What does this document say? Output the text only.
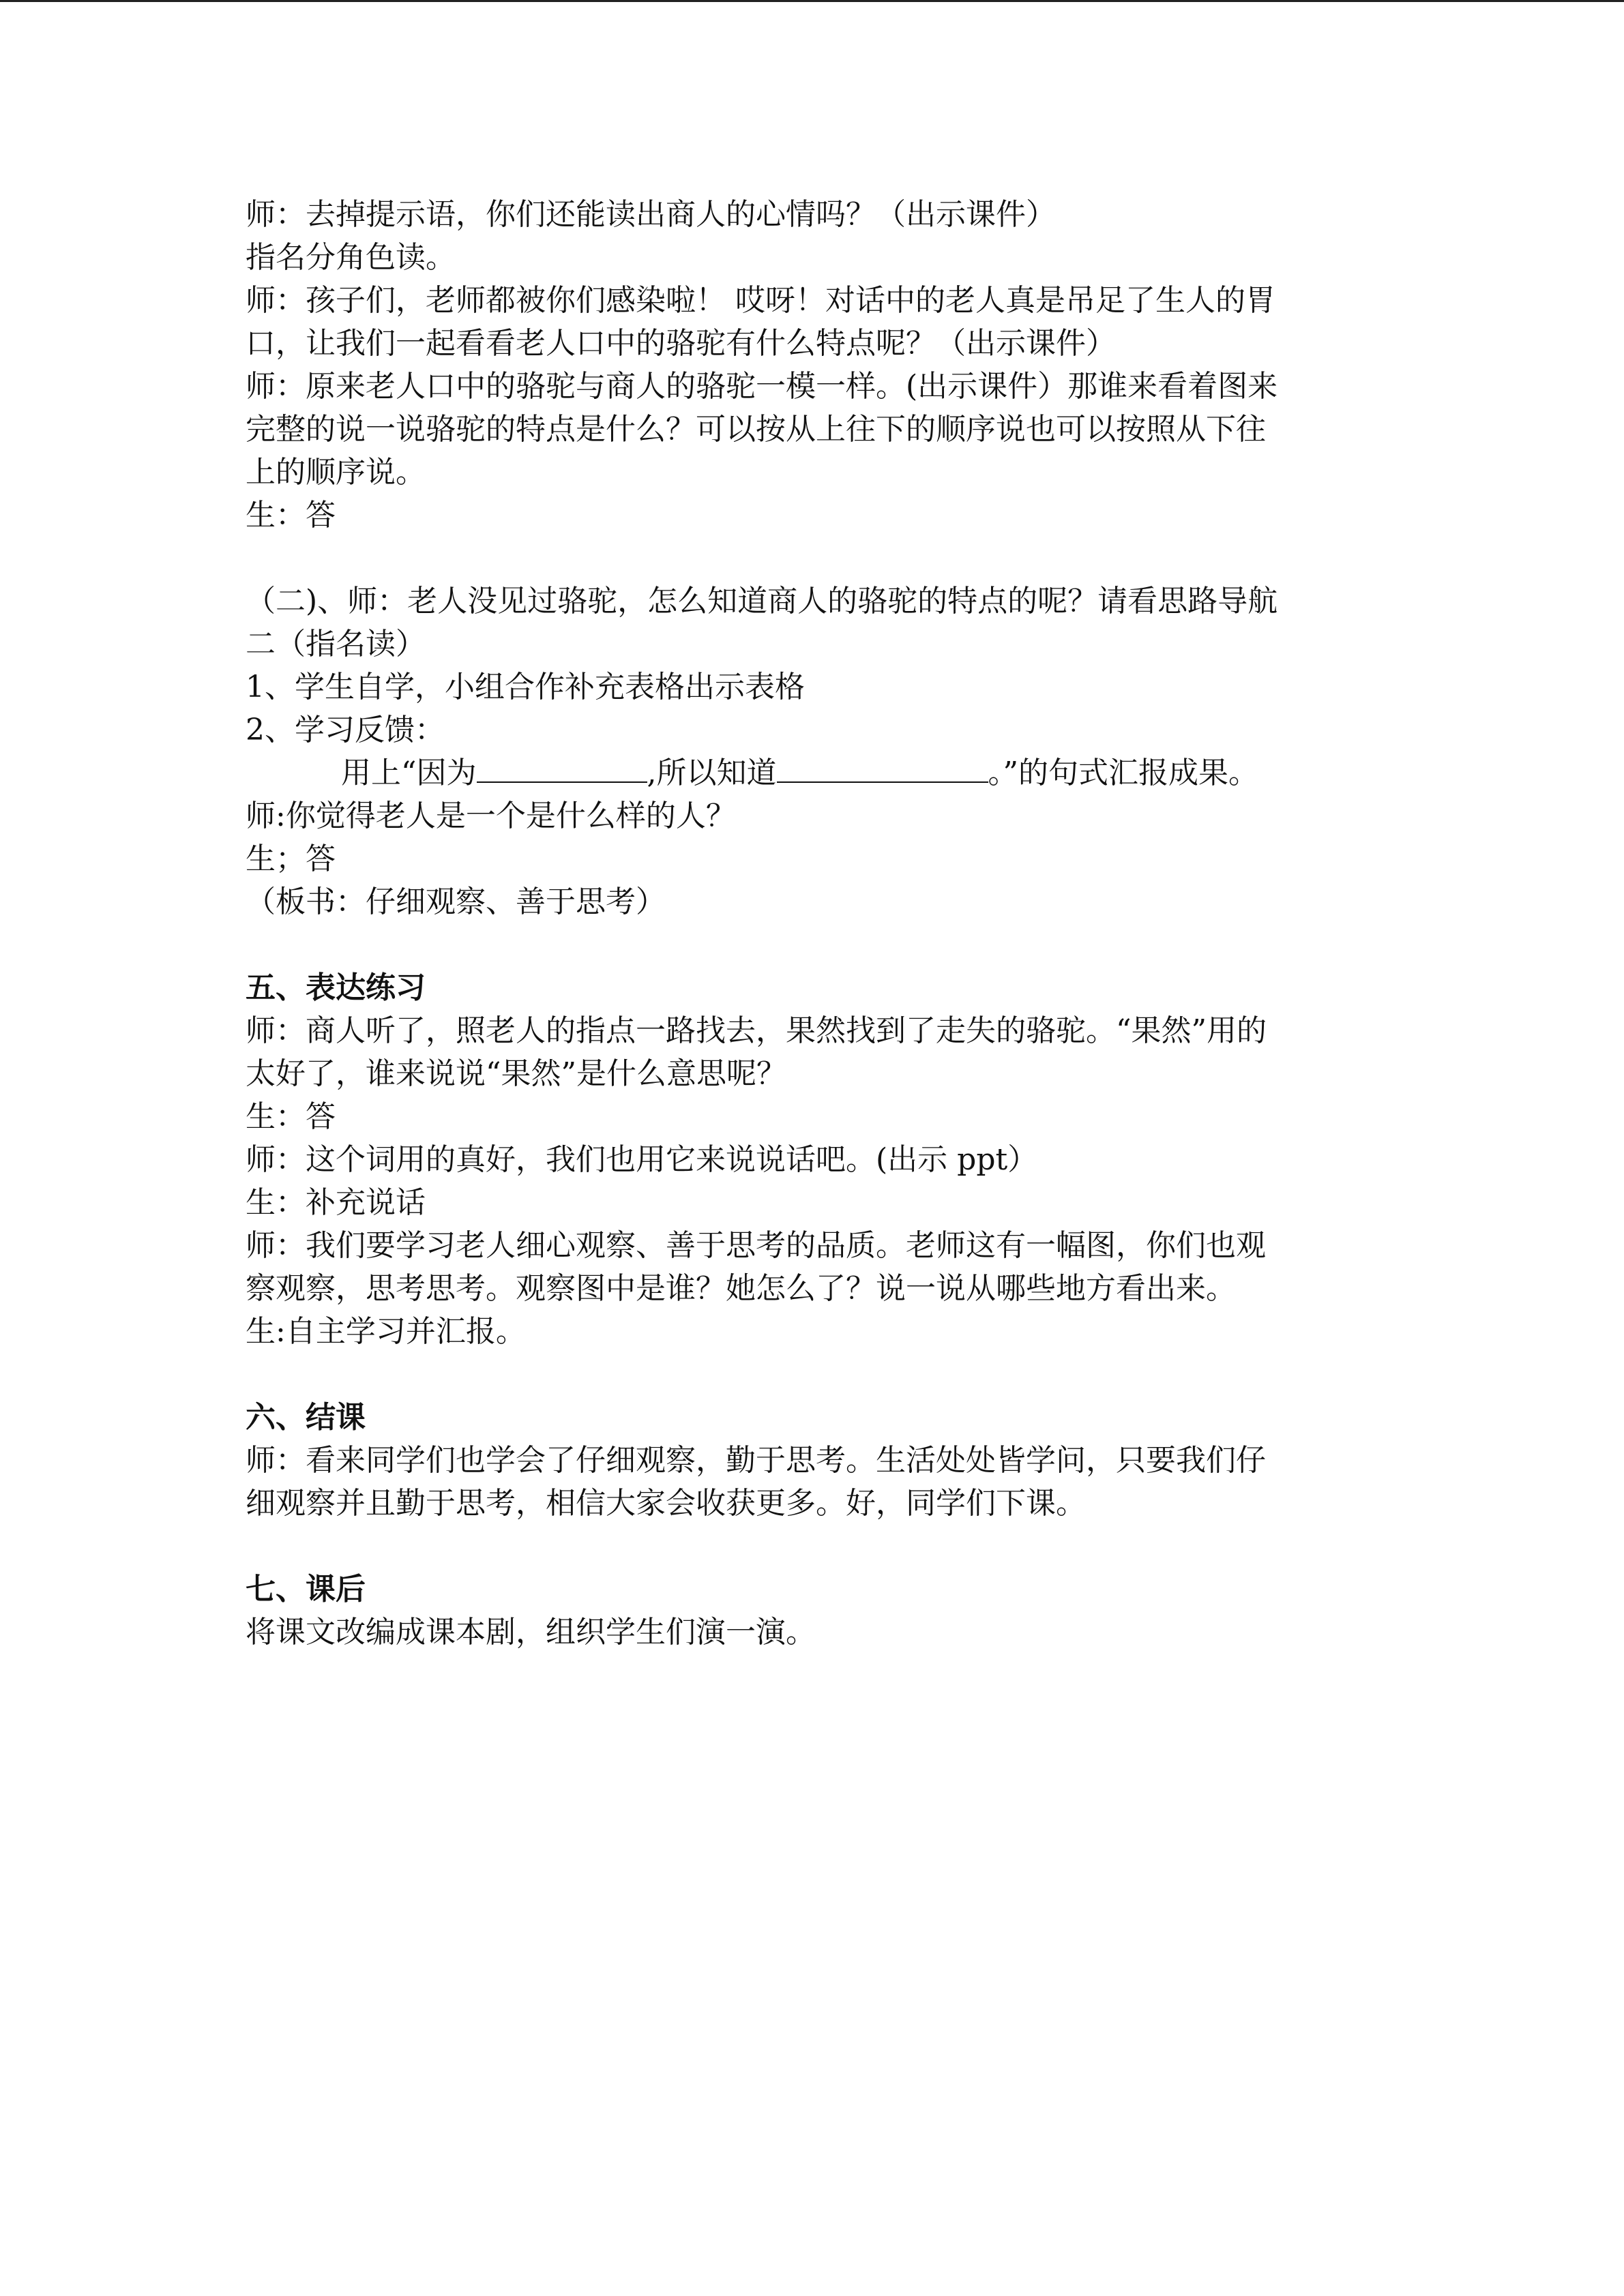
师：去掉提示语，你们还能读出商人的心情吗？（出示课件）

指名分角色读。

师：孩子们，老师都被你们感染啦！ 哎呀！对话中的老人真是吊足了生人的胃

口，让我们一起看看老人口中的骆驼有什么特点呢？（出示课件）

师：原来老人口中的骆驼与商人的骆驼一模一样。(出示课件）那谁来看着图来

完整的说一说骆驼的特点是什么？可以按从上往下的顺序说也可以按照从下往

上的顺序说。

生：答

（二)、师：老人没见过骆驼，怎么知道商人的骆驼的特点的呢？请看思路导航

二（指名读）

1、学生自学，小组合作补充表格出示表格

2、学习反馈：

用上“因为	,所以知道	。”的句式汇报成果。

师:你觉得老人是一个是什么样的人？

生；答

（板书：仔细观察、善于思考）

五、表达练习

师：商人听了，照老人的指点一路找去，果然找到了走失的骆驼。“果然”用的

太好了，谁来说说“果然”是什么意思呢？

生：答

师：这个词用的真好，我们也用它来说说话吧。(出示 ppt）

生：补充说话

师：我们要学习老人细心观察、善于思考的品质。老师这有一幅图，你们也观

察观察，思考思考。观察图中是谁？她怎么了？说一说从哪些地方看出来。

生:自主学习并汇报。

六、结课

师：看来同学们也学会了仔细观察，勤于思考。生活处处皆学问，只要我们仔

细观察并且勤于思考，相信大家会收获更多。好，同学们下课。

七、课后

将课文改编成课本剧，组织学生们演一演。
